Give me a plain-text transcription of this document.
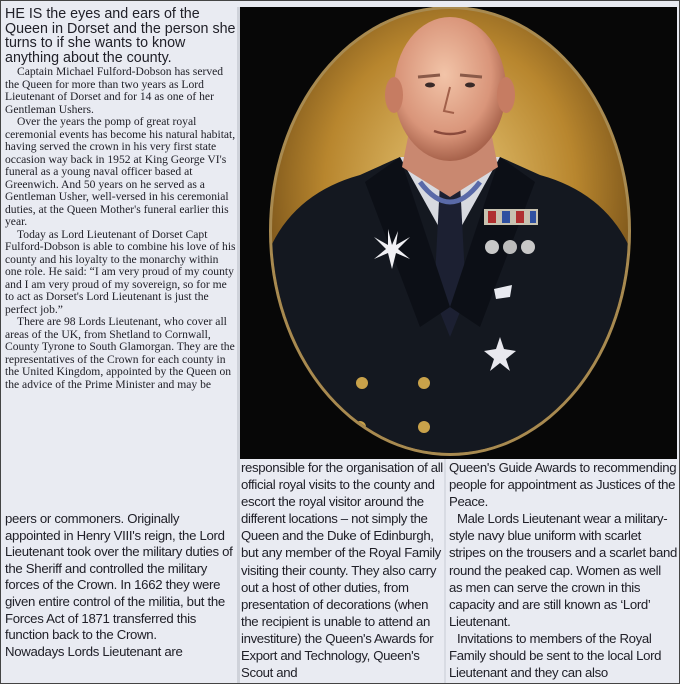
HE IS the eyes and ears of the Queen in Dorset and the person she turns to if she wants to know anything about the county.

Captain Michael Fulford-Dobson has served the Queen for more than two years as Lord Lieutenant of Dorset and for 14 as one of her Gentleman Ushers.

Over the years the pomp of great royal ceremonial events has become his natural habitat, having served the crown in his very first state occasion way back in 1952 at King George VI's funeral as a young naval officer based at Greenwich. And 50 years on he served as a Gentleman Usher, well-versed in his ceremonial duties, at the Queen Mother's funeral earlier this year.

Today as Lord Lieutenant of Dorset Capt Fulford-Dobson is able to combine his love of his county and his loyalty to the monarchy within one role. He said: “I am very proud of my county and I am very proud of my sovereign, so for me to act as Dorset's Lord Lieutenant is just the perfect job.”

There are 98 Lords Lieutenant, who cover all areas of the UK, from Shetland to Cornwall, County Tyrone to South Glamorgan. They are the representatives of the Crown for each county in the United Kingdom, appointed by the Queen on the advice of the Prime Minister and may be

peers or commoners. Originally appointed in Henry VIII's reign, the Lord Lieutenant took over the military duties of the Sheriff and controlled the military forces of the Crown. In 1662 they were given entire control of the militia, but the Forces Act of 1871 transferred this function back to the Crown.

Nowadays Lords Lieutenant are

responsible for the organisation of all official royal visits to the county and escort the royal visitor around the different locations – not simply the Queen and the Duke of Edinburgh, but any member of the Royal Family visiting their county. They also carry out a host of other duties, from presentation of decorations (when the recipient is unable to attend an investiture) the Queen's Awards for Export and Technology, Queen's Scout and

Queen's Guide Awards to recommending people for appointment as Justices of the Peace.

Male Lords Lieutenant wear a military-style navy blue uniform with scarlet stripes on the trousers and a scarlet band round the peaked cap. Women as well as men can serve the crown in this capacity and are still known as ‘Lord’ Lieutenant.

Invitations to members of the Royal Family should be sent to the local Lord Lieutenant and they can also
